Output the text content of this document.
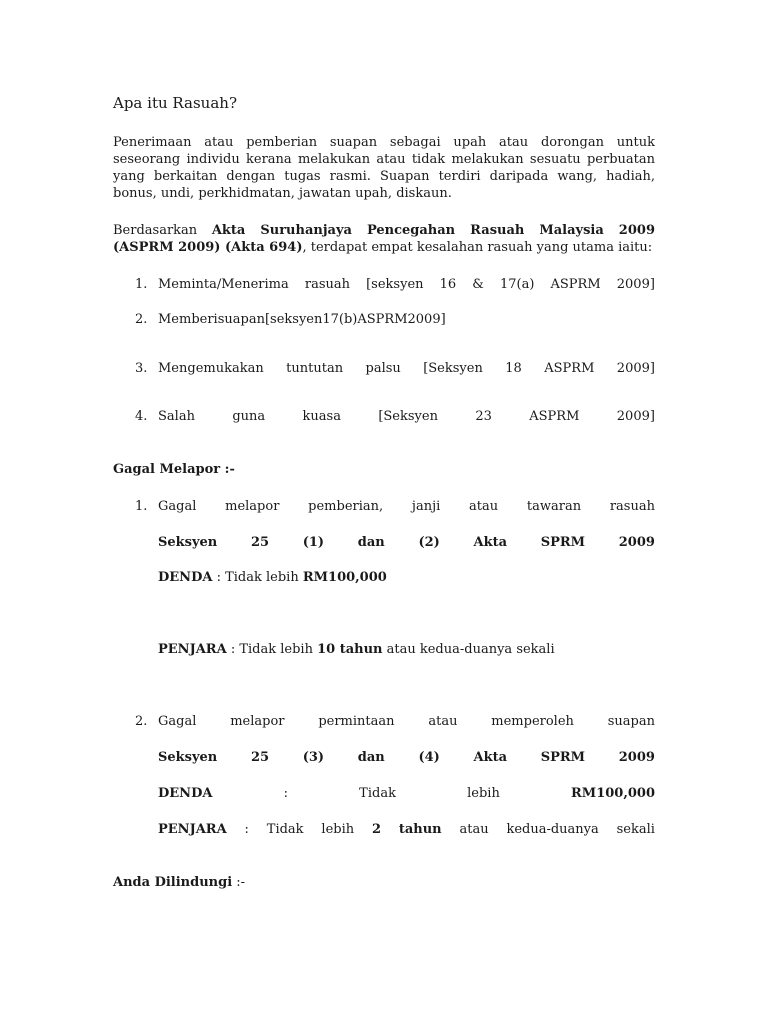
Apa itu Rasuah?

Penerimaan atau pemberian suapan sebagai upah atau dorongan untuk seseorang individu kerana melakukan atau tidak melakukan sesuatu perbuatan yang berkaitan dengan tugas rasmi. Suapan terdiri daripada wang, hadiah, bonus, undi, perkhidmatan, jawatan upah, diskaun.

Berdasarkan Akta Suruhanjaya Pencegahan Rasuah Malaysia 2009 (ASPRM 2009) (Akta 694), terdapat empat kesalahan rasuah yang utama iaitu:

1. Meminta/Menerima rasuah [seksyen 16 & 17(a) ASPRM 2009]
2. Memberisuapan[seksyen17(b)ASPRM2009]
3. Mengemukakan tuntutan palsu [Seksyen 18 ASPRM 2009]
4. Salah	guna	kuasa	[Seksyen	23	ASPRM	2009]
Gagal Melapor :-
1. Gagal melapor pemberian, janji atau tawaran rasuah
Seksyen	25	(1)	dan	(2)	Akta	SPRM	2009
DENDA : Tidak lebih RM100,000
PENJARA : Tidak lebih 10 tahun atau kedua-duanya sekali
2. Gagal	melapor	permintaan	atau	memperoleh	suapan
Seksyen	25	(3)	dan	(4)	Akta	SPRM	2009
DENDA	:	Tidak	lebih	RM100,000
PENJARA : Tidak lebih 2 tahun atau kedua-duanya sekali
Anda Dilindungi :-
